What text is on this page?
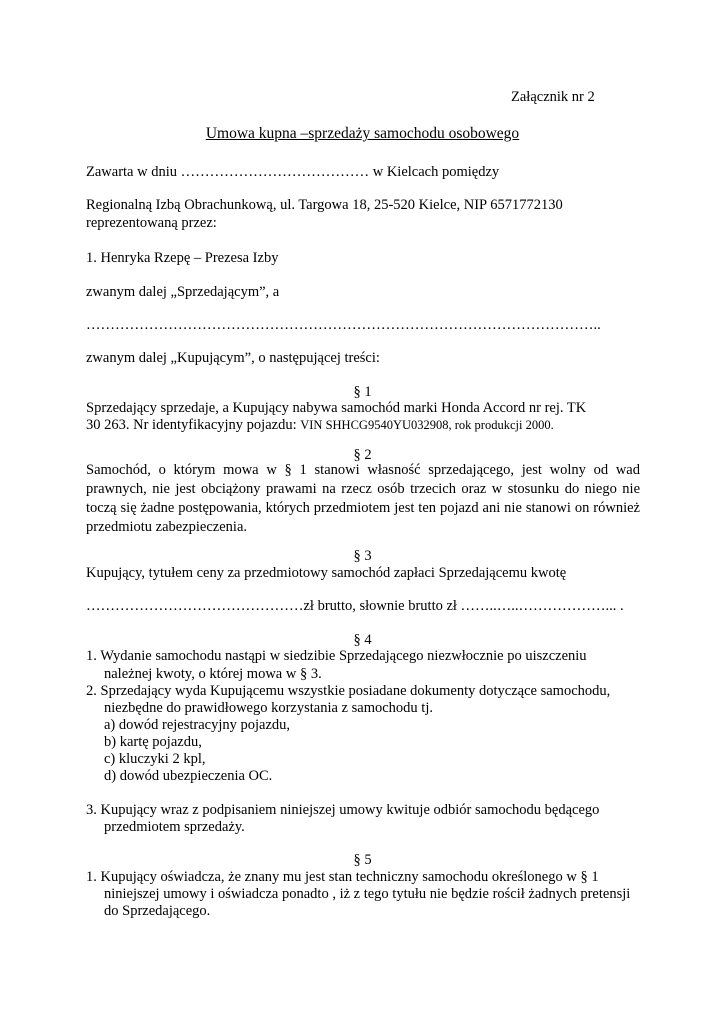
Załącznik nr 2
Umowa kupna –sprzedaży samochodu osobowego
Zawarta w dniu ………………………………… w Kielcach pomiędzy
Regionalną Izbą Obrachunkową, ul. Targowa 18, 25-520 Kielce, NIP 6571772130
reprezentowaną przez:
1. Henryka Rzepę – Prezesa Izby
zwanym dalej „Sprzedającym”, a
……………………………………………………………………………………………..
zwanym dalej „Kupującym”, o następującej treści:
§ 1
Sprzedający sprzedaje, a Kupujący nabywa samochód marki Honda Accord nr rej. TK
30 263. Nr identyfikacyjny pojazdu: VIN SHHCG9540YU032908, rok produkcji 2000.
§ 2
Samochód, o którym mowa w § 1 stanowi własność sprzedającego, jest wolny od wad prawnych, nie jest obciążony prawami na rzecz osób trzecich oraz w stosunku do niego nie toczą się żadne postępowania, których przedmiotem jest ten pojazd ani nie stanowi on również przedmiotu zabezpieczenia.
§ 3
Kupujący, tytułem ceny za przedmiotowy samochód zapłaci Sprzedającemu kwotę
………………………………………zł brutto, słownie brutto zł ……..…..………………... .
§ 4
1. Wydanie samochodu nastąpi w siedzibie Sprzedającego niezwłocznie po uiszczeniu
należnej kwoty, o której mowa w § 3.
2. Sprzedający wyda Kupującemu wszystkie posiadane dokumenty dotyczące samochodu,
niezbędne do prawidłowego korzystania z samochodu tj.
a) dowód rejestracyjny pojazdu,
b) kartę pojazdu,
c) kluczyki 2 kpl,
d) dowód ubezpieczenia OC.
3. Kupujący wraz z podpisaniem niniejszej umowy kwituje odbiór samochodu będącego
przedmiotem sprzedaży.
§ 5
1. Kupujący oświadcza, że znany mu jest stan techniczny samochodu określonego w § 1
niniejszej umowy i oświadcza ponadto , iż z tego tytułu nie będzie rościł żadnych pretensji
do Sprzedającego.
